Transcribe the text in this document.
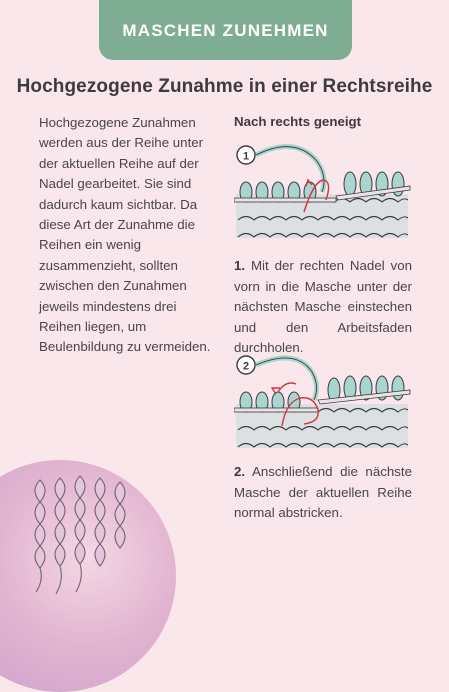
MASCHEN ZUNEHMEN
Hochgezogene Zunahme in einer Rechtsreihe

Hochgezogene Zunahmen werden aus der Reihe unter der aktuellen Reihe auf der Nadel gearbeitet. Sie sind dadurch kaum sichtbar. Da diese Art der Zunahme die Reihen ein wenig zusammenzieht, sollten zwischen den Zunahmen jeweils mindestens drei Reihen liegen, um Beulenbildung zu vermeiden.

Nach rechts geneigt
1

1. Mit der rechten Nadel von vorn in die Masche unter der nächsten Masche einstechen und den Arbeitsfaden durchholen.

2

2. Anschließend die nächste Masche der aktuellen Reihe normal abstricken.
